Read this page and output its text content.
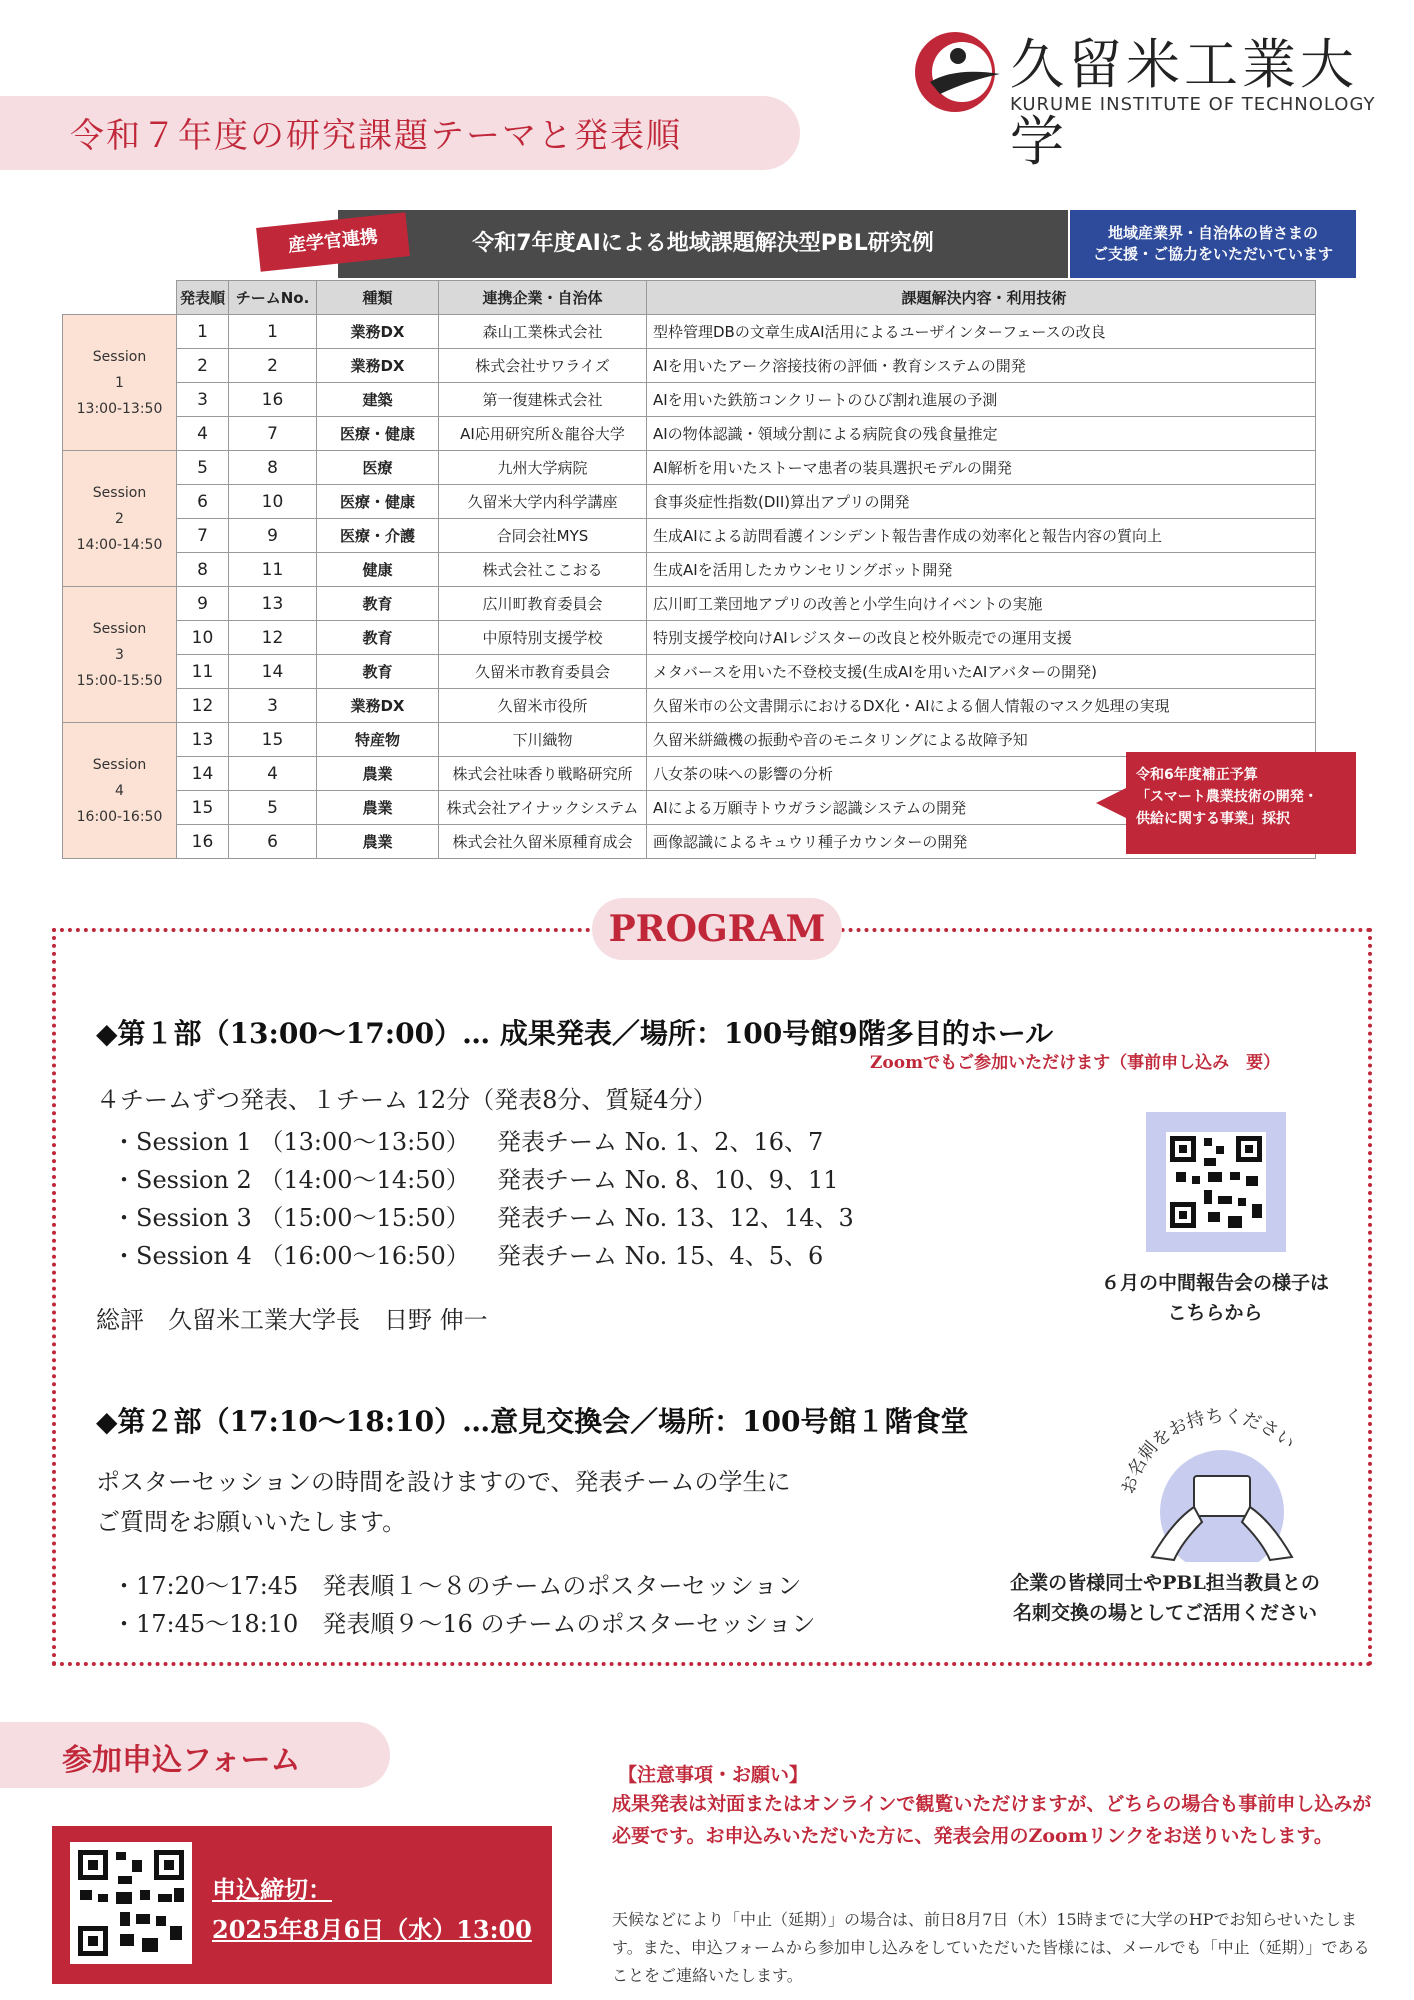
令和７年度の研究課題テーマと発表順
久留米工業大学
KURUME INSTITUTE OF TECHNOLOGY
令和7年度AIによる地域課題解決型PBL研究例
産学官連携	地域産業界・自治体の皆さまの
ご支援・ご協力をいただいています
	発表順	チームNo.	種類	連携企業・自治体	課題解決内容・利用技術

Session
1
13:00-13:50	1	1	業務DX	森山工業株式会社	型枠管理DBの文章生成AI活用によるユーザインターフェースの改良
	2	2	業務DX	株式会社サワライズ	AIを用いたアーク溶接技術の評価・教育システムの開発
	3	16	建築	第一復建株式会社	AIを用いた鉄筋コンクリートのひび割れ進展の予測
	4	7	医療・健康	AI応用研究所＆龍谷大学	AIの物体認識・領域分割による病院食の残食量推定

Session
2
14:00-14:50	5	8	医療	九州大学病院	AI解析を用いたストーマ患者の装具選択モデルの開発
	6	10	医療・健康	久留米大学内科学講座	食事炎症性指数(DII)算出アプリの開発
	7	9	医療・介護	合同会社MYS	生成AIによる訪問看護インシデント報告書作成の効率化と報告内容の質向上
	8	11	健康	株式会社ここおる	生成AIを活用したカウンセリングボット開発

Session
3
15:00-15:50	9	13	教育	広川町教育委員会	広川町工業団地アプリの改善と小学生向けイベントの実施
	10	12	教育	中原特別支援学校	特別支援学校向けAIレジスターの改良と校外販売での運用支援
	11	14	教育	久留米市教育委員会	メタバースを用いた不登校支援(生成AIを用いたAIアバターの開発)
	12	3	業務DX	久留米市役所	久留米市の公文書開示におけるDX化・AIによる個人情報のマスク処理の実現

Session
4
16:00-16:50	13	15	特産物	下川織物	久留米絣織機の振動や音のモニタリングによる故障予知
	14	4	農業	株式会社味香り戦略研究所	八女茶の味への影響の分析
	15	5	農業	株式会社アイナックシステム	AIによる万願寺トウガラシ認識システムの開発
	16	6	農業	株式会社久留米原種育成会	画像認識によるキュウリ種子カウンターの開発
令和6年度補正予算
「スマート農業技術の開発・
供給に関する事業」採択
PROGRAM
◆第１部（13:00〜17:00）… 成果発表／場所：100号館9階多目的ホール
Zoomでもご参加いただけます（事前申し込み　要）
４チームずつ発表、１チーム 12分（発表8分、質疑4分）
・Session 1 （13:00〜13:50） 発表チーム No. 1、2、16、7
・Session 2 （14:00〜14:50） 発表チーム No. 8、10、9、11
・Session 3 （15:00〜15:50） 発表チーム No. 13、12、14、3
・Session 4 （16:00〜16:50） 発表チーム No. 15、4、5、6
総評　久留米工業大学長　日野 伸一
６月の中間報告会の様子は
こちらから
◆第２部（17:10〜18:10）…意見交換会／場所：100号館１階食堂
ポスターセッションの時間を設けますので、発表チームの学生に
ご質問をお願いいたします。
・17:20〜17:45　発表順１〜８のチームのポスターセッション
・17:45〜18:10　発表順９〜16 のチームのポスターセッション
お名刺をお持ちください
企業の皆様同士やPBL担当教員との
名刺交換の場としてご活用ください
参加申込フォーム
申込締切：
2025年8月6日（水）13:00
【注意事項・お願い】
成果発表は対面またはオンラインで観覧いただけますが、どちらの場合も事前申し込みが必要です。お申込みいただいた方に、発表会用のZoomリンクをお送りいたします。
天候などにより「中止（延期）」の場合は、前日8月7日（木）15時までに大学のHPでお知らせいたします。また、申込フォームから参加申し込みをしていただいた皆様には、メールでも「中止（延期）」であることをご連絡いたします。
